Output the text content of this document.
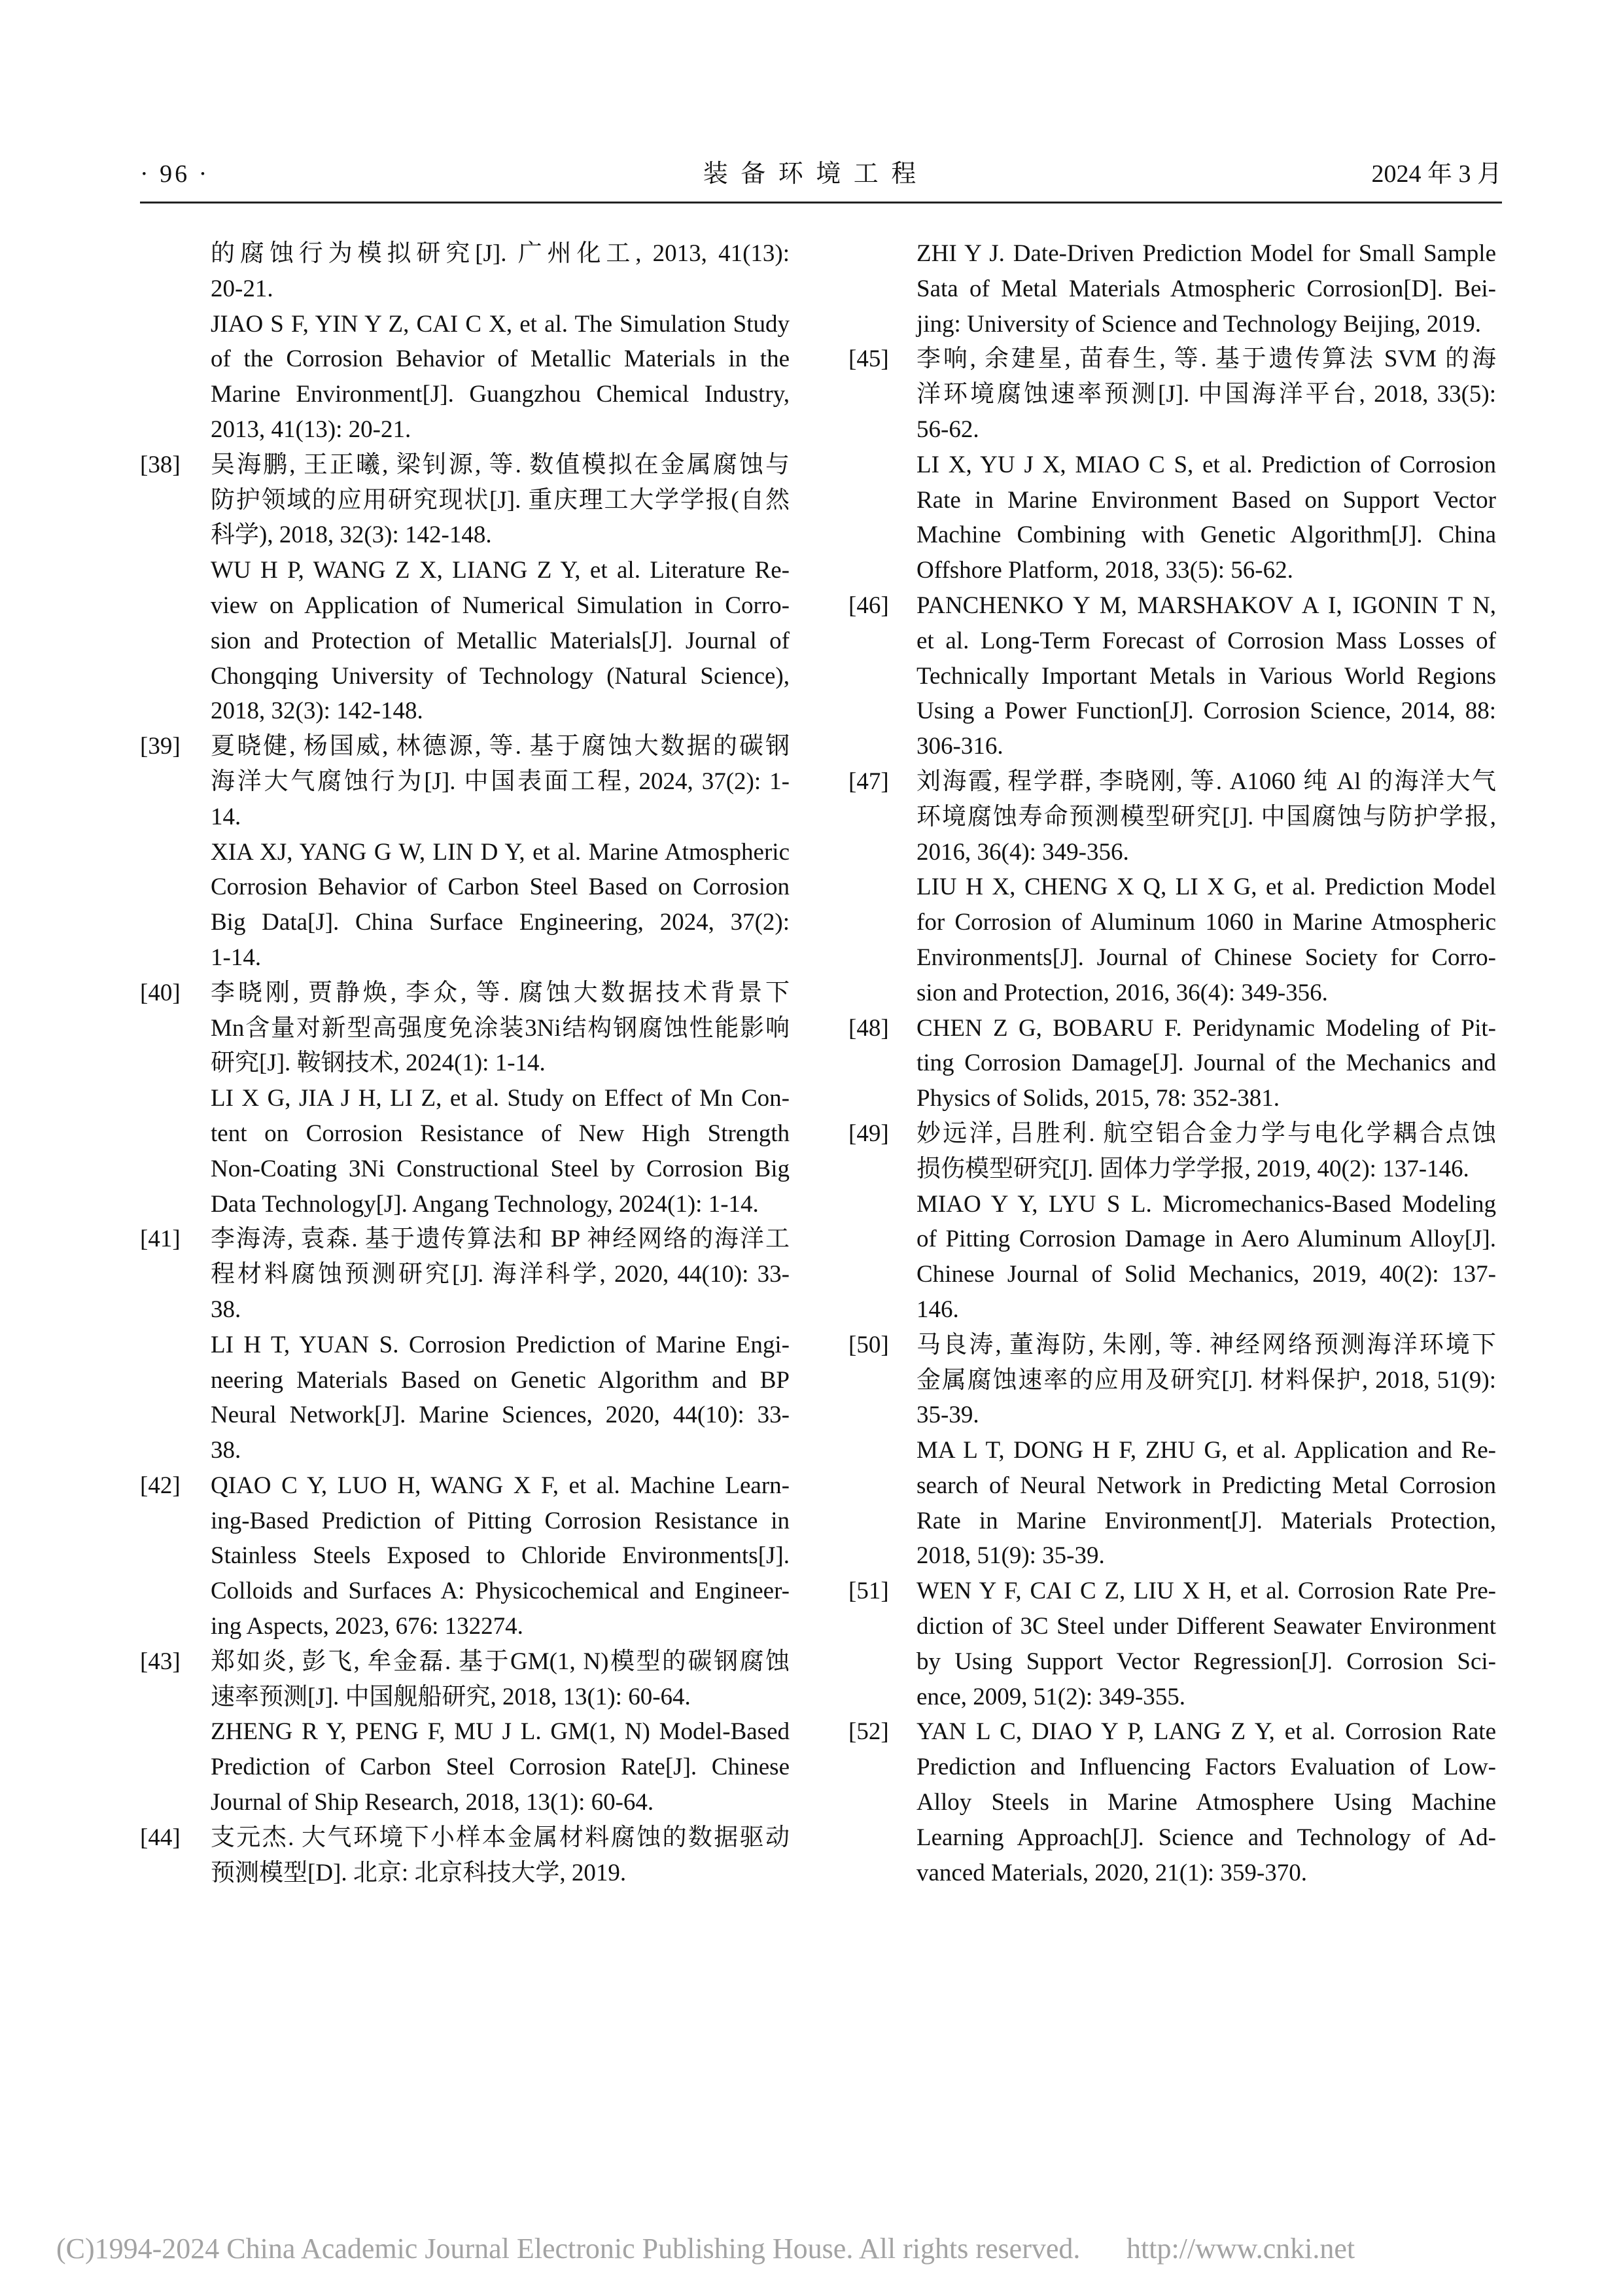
· 96 ·	装 备 环 境 工 程	2024 年 3 月
的腐蚀行为模拟研究[J]. 广州化工, 2013, 41(13):
20-21.
JIAO S F, YIN Y Z, CAI C X, et al. The Simulation Study
of the Corrosion Behavior of Metallic Materials in the
Marine Environment[J]. Guangzhou Chemical Industry,
2013, 41(13): 20-21.
[38] 吴海鹏, 王正曦, 梁钊源, 等. 数值模拟在金属腐蚀与
防护领域的应用研究现状[J]. 重庆理工大学学报(自然
科学), 2018, 32(3): 142-148.
WU H P, WANG Z X, LIANG Z Y, et al. Literature Re-
view on Application of Numerical Simulation in Corro-
sion and Protection of Metallic Materials[J]. Journal of
Chongqing University of Technology (Natural Science),
2018, 32(3): 142-148.
[39] 夏晓健, 杨国威, 林德源, 等. 基于腐蚀大数据的碳钢
海洋大气腐蚀行为[J]. 中国表面工程, 2024, 37(2): 1-
14.
XIA XJ, YANG G W, LIN D Y, et al. Marine Atmospheric
Corrosion Behavior of Carbon Steel Based on Corrosion
Big Data[J]. China Surface Engineering, 2024, 37(2):
1-14.
[40] 李晓刚, 贾静焕, 李众, 等. 腐蚀大数据技术背景下
Mn含量对新型高强度免涂装3Ni结构钢腐蚀性能影响
研究[J]. 鞍钢技术, 2024(1): 1-14.
LI X G, JIA J H, LI Z, et al. Study on Effect of Mn Con-
tent on Corrosion Resistance of New High Strength
Non-Coating 3Ni Constructional Steel by Corrosion Big
Data Technology[J]. Angang Technology, 2024(1): 1-14.
[41] 李海涛, 袁森. 基于遗传算法和 BP 神经网络的海洋工
程材料腐蚀预测研究[J]. 海洋科学, 2020, 44(10): 33-
38.
LI H T, YUAN S. Corrosion Prediction of Marine Engi-
neering Materials Based on Genetic Algorithm and BP
Neural Network[J]. Marine Sciences, 2020, 44(10): 33-
38.
[42] QIAO C Y, LUO H, WANG X F, et al. Machine Learn-
ing-Based Prediction of Pitting Corrosion Resistance in
Stainless Steels Exposed to Chloride Environments[J].
Colloids and Surfaces A: Physicochemical and Engineer-
ing Aspects, 2023, 676: 132274.
[43] 郑如炎, 彭飞, 牟金磊. 基于GM(1, N)模型的碳钢腐蚀
速率预测[J]. 中国舰船研究, 2018, 13(1): 60-64.
ZHENG R Y, PENG F, MU J L. GM(1, N) Model-Based
Prediction of Carbon Steel Corrosion Rate[J]. Chinese
Journal of Ship Research, 2018, 13(1): 60-64.
[44] 支元杰. 大气环境下小样本金属材料腐蚀的数据驱动
预测模型[D]. 北京: 北京科技大学, 2019.
ZHI Y J. Date-Driven Prediction Model for Small Sample
Sata of Metal Materials Atmospheric Corrosion[D]. Bei-
jing: University of Science and Technology Beijing, 2019.
[45] 李响, 余建星, 苗春生, 等. 基于遗传算法 SVM 的海
洋环境腐蚀速率预测[J]. 中国海洋平台, 2018, 33(5):
56-62.
LI X, YU J X, MIAO C S, et al. Prediction of Corrosion
Rate in Marine Environment Based on Support Vector
Machine Combining with Genetic Algorithm[J]. China
Offshore Platform, 2018, 33(5): 56-62.
[46] PANCHENKO Y M, MARSHAKOV A I, IGONIN T N,
et al. Long-Term Forecast of Corrosion Mass Losses of
Technically Important Metals in Various World Regions
Using a Power Function[J]. Corrosion Science, 2014, 88:
306-316.
[47] 刘海霞, 程学群, 李晓刚, 等. A1060 纯 Al 的海洋大气
环境腐蚀寿命预测模型研究[J]. 中国腐蚀与防护学报,
2016, 36(4): 349-356.
LIU H X, CHENG X Q, LI X G, et al. Prediction Model
for Corrosion of Aluminum 1060 in Marine Atmospheric
Environments[J]. Journal of Chinese Society for Corro-
sion and Protection, 2016, 36(4): 349-356.
[48] CHEN Z G, BOBARU F. Peridynamic Modeling of Pit-
ting Corrosion Damage[J]. Journal of the Mechanics and
Physics of Solids, 2015, 78: 352-381.
[49] 妙远洋, 吕胜利. 航空铝合金力学与电化学耦合点蚀
损伤模型研究[J]. 固体力学学报, 2019, 40(2): 137-146.
MIAO Y Y, LYU S L. Micromechanics-Based Modeling
of Pitting Corrosion Damage in Aero Aluminum Alloy[J].
Chinese Journal of Solid Mechanics, 2019, 40(2): 137-
146.
[50] 马良涛, 董海防, 朱刚, 等. 神经网络预测海洋环境下
金属腐蚀速率的应用及研究[J]. 材料保护, 2018, 51(9):
35-39.
MA L T, DONG H F, ZHU G, et al. Application and Re-
search of Neural Network in Predicting Metal Corrosion
Rate in Marine Environment[J]. Materials Protection,
2018, 51(9): 35-39.
[51] WEN Y F, CAI C Z, LIU X H, et al. Corrosion Rate Pre-
diction of 3C Steel under Different Seawater Environment
by Using Support Vector Regression[J]. Corrosion Sci-
ence, 2009, 51(2): 349-355.
[52] YAN L C, DIAO Y P, LANG Z Y, et al. Corrosion Rate
Prediction and Influencing Factors Evaluation of Low-
Alloy Steels in Marine Atmosphere Using Machine
Learning Approach[J]. Science and Technology of Ad-
vanced Materials, 2020, 21(1): 359-370.
(C)1994-2024 China Academic Journal Electronic Publishing House. All rights reserved. http://www.cnki.net
